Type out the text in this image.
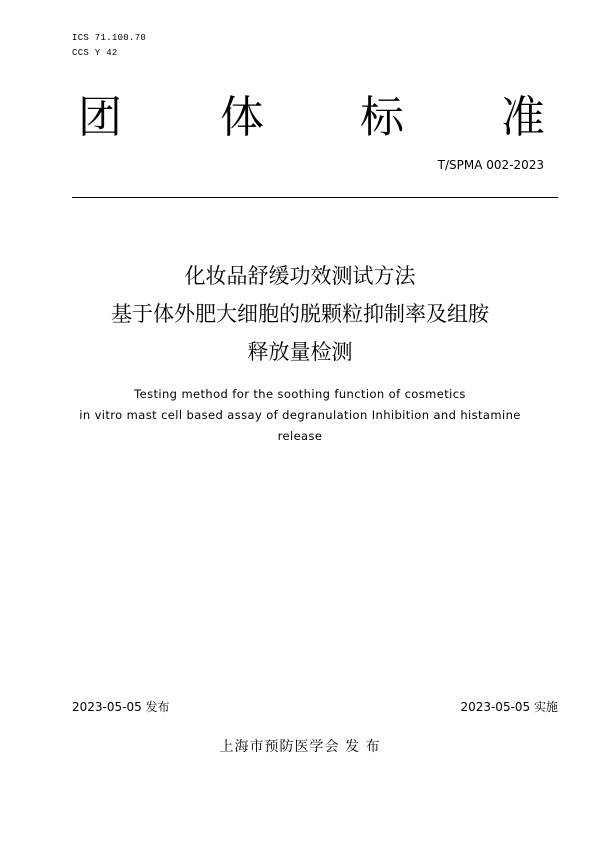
ICS 71.100.70
CCS Y 42
团 体 标 准
T/SPMA 002-2023
化妆品舒缓功效测试方法
基于体外肥大细胞的脱颗粒抑制率及组胺
释放量检测
Testing method for the soothing function of cosmetics
in vitro mast cell based assay of degranulation Inhibition and histamine
release
2023-05-05 发布	2023-05-05 实施
上海市预防医学会 发 布
